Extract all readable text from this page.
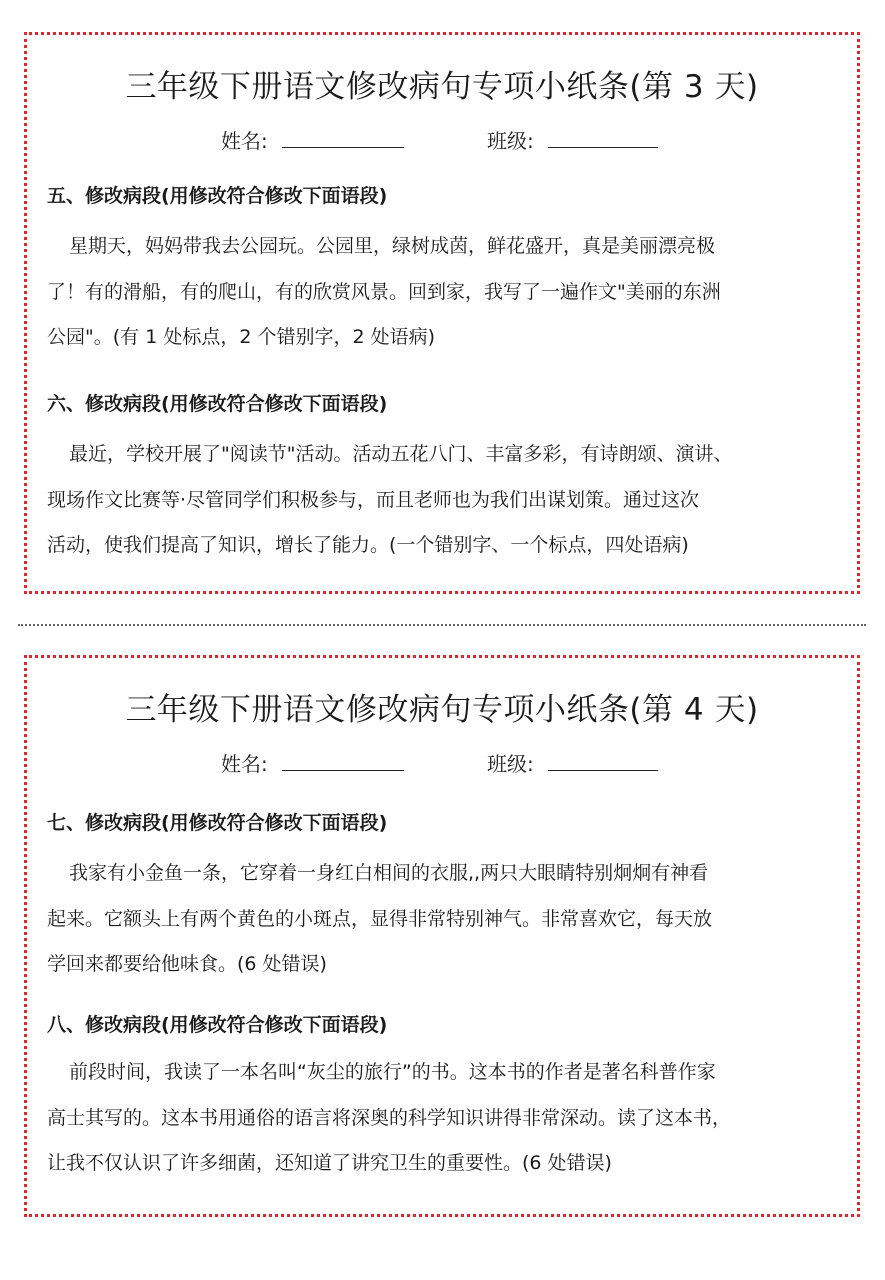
三年级下册语文修改病句专项小纸条(第 3 天)
姓名:	班级:
五、修改病段(用修改符合修改下面语段)
星期天，妈妈带我去公园玩。公园里，绿树成茵，鲜花盛开，真是美丽漂亮极
了！有的滑船，有的爬山，有的欣赏风景。回到家，我写了一遍作文"美丽的东洲
公园"。(有 1 处标点，2 个错别字，2 处语病)
六、修改病段(用修改符合修改下面语段)
最近，学校开展了"阅读节"活动。活动五花八门、丰富多彩，有诗朗颂、演讲、
现场作文比赛等·尽管同学们积极参与，而且老师也为我们出谋划策。通过这次
活动，使我们提高了知识，增长了能力。(一个错别字、一个标点，四处语病)
三年级下册语文修改病句专项小纸条(第 4 天)
姓名:	班级:
七、修改病段(用修改符合修改下面语段)
我家有小金鱼一条，它穿着一身红白相间的衣服,,两只大眼睛特别炯炯有神看
起来。它额头上有两个黄色的小斑点，显得非常特别神气。非常喜欢它，每天放
学回来都要给他味食。(6 处错误)
八、修改病段(用修改符合修改下面语段)
前段时间，我读了一本名叫“灰尘的旅行”的书。这本书的作者是著名科普作家
高士其写的。这本书用通俗的语言将深奥的科学知识讲得非常深动。读了这本书，
让我不仅认识了许多细菌，还知道了讲究卫生的重要性。(6 处错误)
